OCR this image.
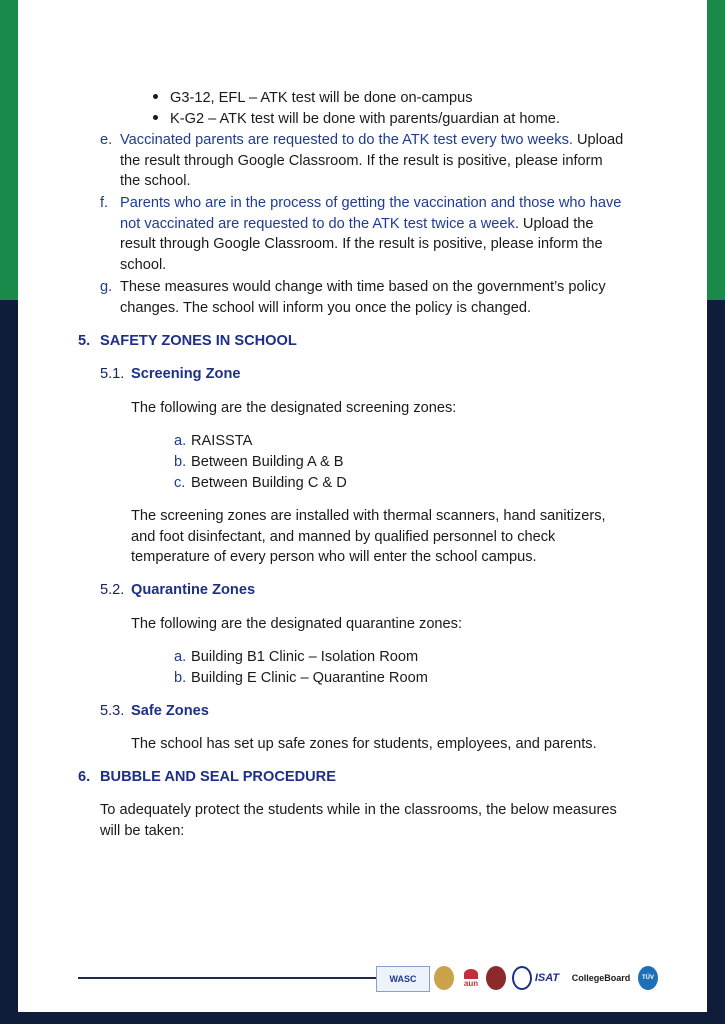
G3-12, EFL – ATK test will be done on-campus
K-G2 – ATK test will be done with parents/guardian at home.
e. Vaccinated parents are requested to do the ATK test every two weeks. Upload
the result through Google Classroom. If the result is positive, please inform
the school.
f. Parents who are in the process of getting the vaccination and those who have
not vaccinated are requested to do the ATK test twice a week. Upload the
result through Google Classroom. If the result is positive, please inform the
school.
g. These measures would change with time based on the government’s policy
changes. The school will inform you once the policy is changed.
5. SAFETY ZONES IN SCHOOL
5.1. Screening Zone
The following are the designated screening zones:
a. RAISSTA
b. Between Building A & B
c. Between Building C & D
The screening zones are installed with thermal scanners, hand sanitizers,
and foot disinfectant, and manned by qualified personnel to check
temperature of every person who will enter the school campus.
5.2. Quarantine Zones
The following are the designated quarantine zones:
a. Building B1 Clinic – Isolation Room
b. Building E Clinic – Quarantine Room
5.3. Safe Zones
The school has set up safe zones for students, employees, and parents.
6. BUBBLE AND SEAL PROCEDURE
To adequately protect the students while in the classrooms, the below measures
will be taken:
WASC	aun	ISAT CollegeBoard TÜV
